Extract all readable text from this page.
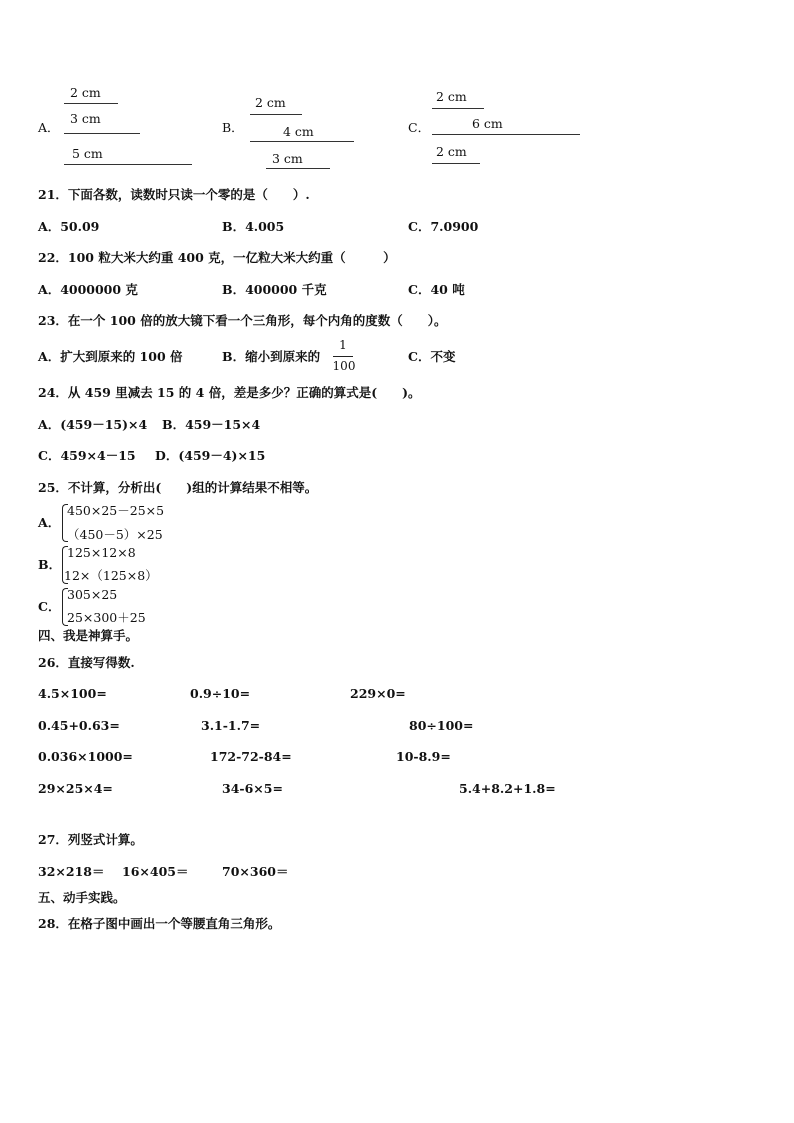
A．
2 cm
3 cm
5 cm
B．
2 cm
4 cm
3 cm
C．
2 cm
6 cm
2 cm
21．下面各数，读数时只读一个零的是（　　）.
A．50.09	B．4.005	C．7.0900
22．100 粒大米大约重 400 克，一亿粒大米大约重（　　　）
A．4000000 克	B．400000 千克	C．40 吨
23．在一个 100 倍的放大镜下看一个三角形，每个内角的度数（　　）。
A．扩大到原来的 100 倍	B．缩小到原来的
1
100
C．不变
24．从 459 里减去 15 的 4 倍，差是多少？正确的算式是(　　)。
A．(459－15)×4 B．459－15×4
C．459×4－15 D．(459－4)×15
25．不计算，分析出(　　)组的计算结果不相等。
A．
450×25－25×5
（450－5）×25
B．
125×12×8
12×（125×8）
C．
305×25
25×300＋25
四、我是神算手。
26．直接写得数.
4.5×100=	0.9÷10=	229×0=
0.45+0.63=	3.1-1.7=	80÷100=
0.036×1000=	172-72-84=	10-8.9=
29×25×4=	34-6×5=	5.4+8.2+1.8=
27．列竖式计算。
32×218＝ 16×405＝	70×360＝
五、动手实践。
28．在格子图中画出一个等腰直角三角形。
